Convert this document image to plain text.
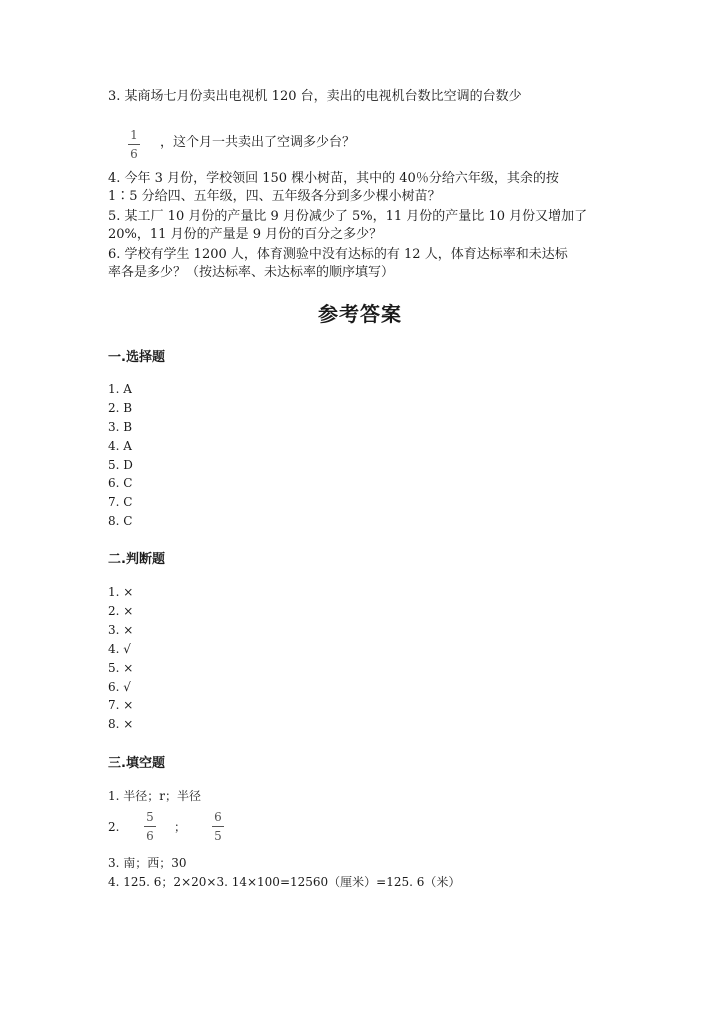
3. 某商场七月份卖出电视机 120 台，卖出的电视机台数比空调的台数少
1
6
，这个月一共卖出了空调多少台？
4. 今年 3 月份，学校领回 150 棵小树苗，其中的 40％分给六年级，其余的按
1∶5 分给四、五年级，四、五年级各分到多少棵小树苗？
5. 某工厂 10 月份的产量比 9 月份减少了 5%，11 月份的产量比 10 月份又增加了
20%，11 月份的产量是 9 月份的百分之多少？
6. 学校有学生 1200 人，体育测验中没有达标的有 12 人，体育达标率和未达标
率各是多少？（按达标率、未达标率的顺序填写）
参考答案
一.选择题
1. A
2. B
3. B
4. A
5. D
6. C
7. C
8. C
二.判断题
1. ×
2. ×
3. ×
4. √
5. ×
6. √
7. ×
8. ×
三.填空题
1. 半径；r；半径
2.
5
6
；
6
5
3. 南；西；30
4. 125. 6；2×20×3. 14×100=12560（厘米）=125. 6（米）
